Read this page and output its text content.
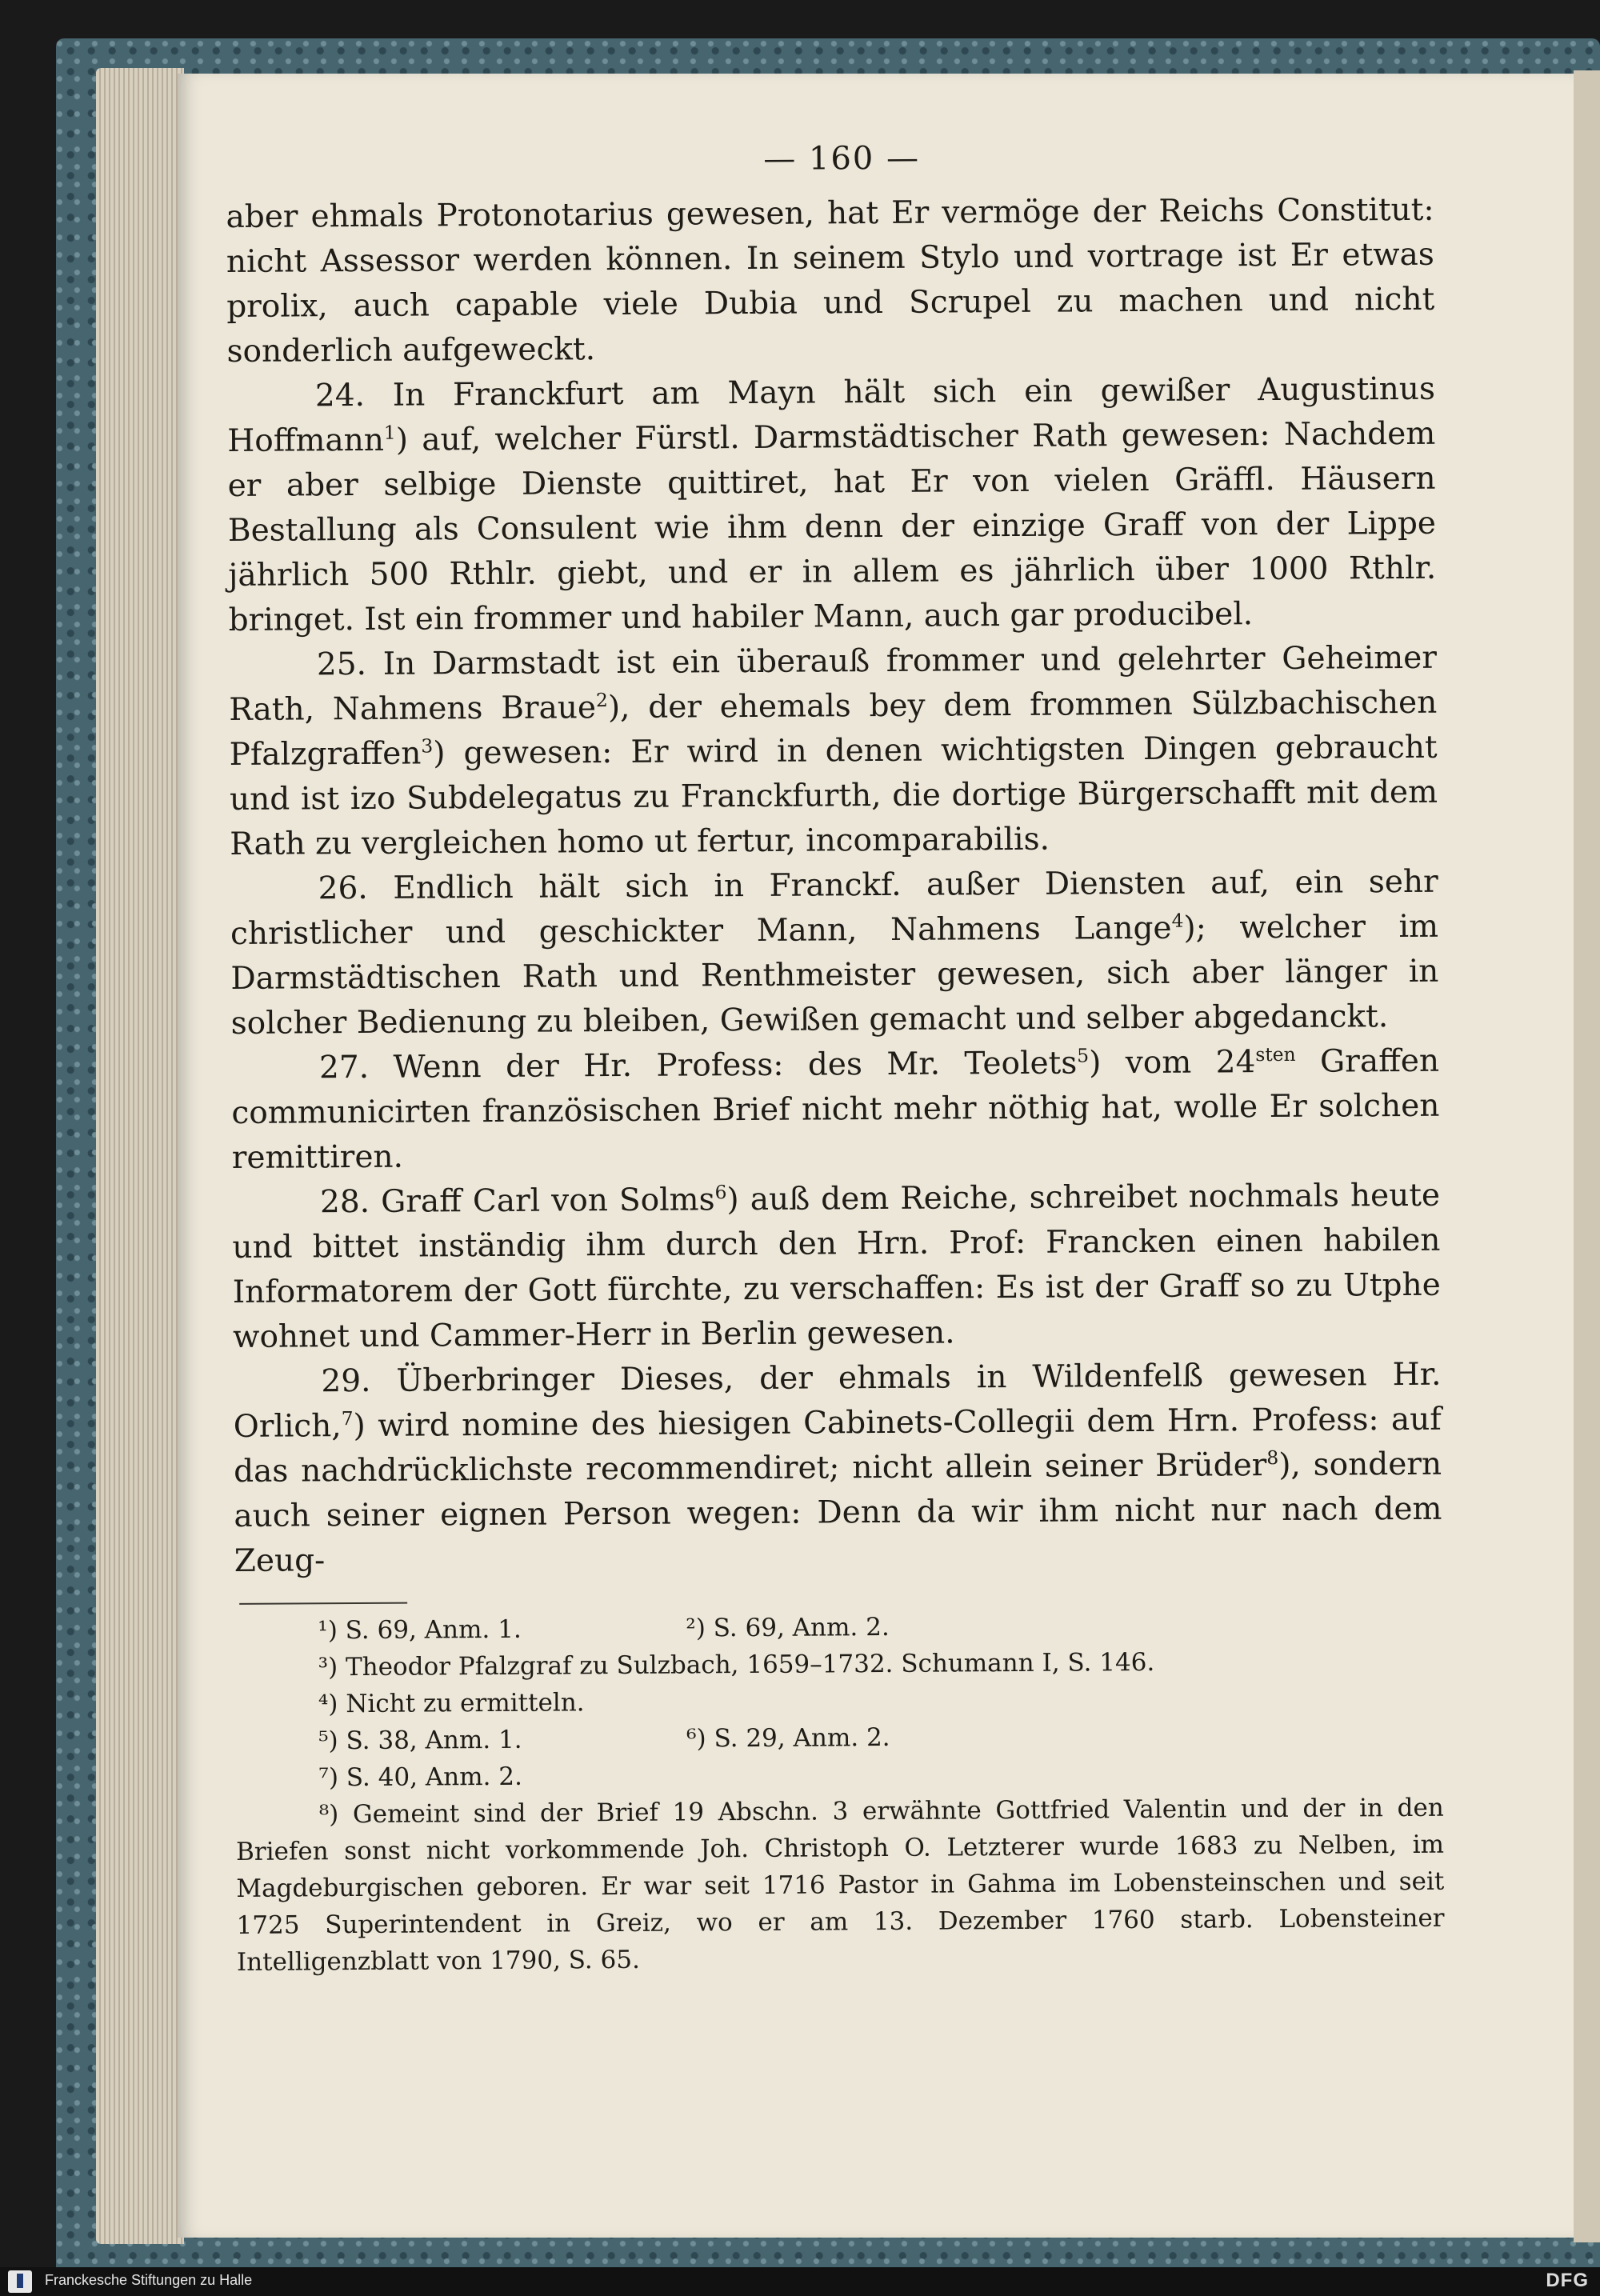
— 160 —

aber ehmals Protonotarius gewesen, hat Er vermöge der Reichs Constitut: nicht Assessor werden können. In seinem Stylo und vortrage ist Er etwas prolix, auch capable viele Dubia und Scrupel zu machen und nicht sonderlich aufgeweckt.

24. In Franckfurt am Mayn hält sich ein gewißer Augustinus Hoffmann$^1$) auf, welcher Fürstl. Darmstädtischer Rath gewesen: Nachdem er aber selbige Dienste quittiret, hat Er von vielen Gräffl. Häusern Bestallung als Consulent wie ihm denn der einzige Graff von der Lippe jährlich 500 Rthlr. giebt, und er in allem es jährlich über 1000 Rthlr. bringet. Ist ein frommer und habiler Mann, auch gar producibel.

25. In Darmstadt ist ein überauß frommer und gelehrter Geheimer Rath, Nahmens Braue$^2$), der ehemals bey dem frommen Sülzbachischen Pfalzgraffen$^3$) gewesen: Er wird in denen wichtigsten Dingen gebraucht und ist izo Subdelegatus zu Franckfurth, die dortige Bürgerschafft mit dem Rath zu vergleichen homo ut fertur, incomparabilis.

26. Endlich hält sich in Franckf. außer Diensten auf, ein sehr christlicher und geschickter Mann, Nahmens Lange$^4$); welcher im Darmstädtischen Rath und Renthmeister gewesen, sich aber länger in solcher Bedienung zu bleiben, Gewißen gemacht und selber abgedanckt.

27. Wenn der Hr. Profess: des Mr. Teolets$^5$) vom $24^{sten}$ Graffen communicirten französischen Brief nicht mehr nöthig hat, wolle Er solchen remittiren.

28. Graff Carl von Solms$^6$) auß dem Reiche, schreibet nochmals heute und bittet inständig ihm durch den Hrn. Prof: Francken einen habilen Informatorem der Gott fürchte, zu verschaffen: Es ist der Graff so zu Utphe wohnet und Cammer-Herr in Berlin gewesen.

29. Überbringer Dieses, der ehmals in Wildenfelß gewesen Hr. Orlich,$^7$) wird nomine des hiesigen Cabinets-Collegii dem Hrn. Profess: auf das nachdrücklichste recommendiret; nicht allein seiner Brüder$^8$), sondern auch seiner eignen Person wegen: Denn da wir ihm nicht nur nach dem Zeug-

¹) S. 69, Anm. 1.	²) S. 69, Anm. 2.
³) Theodor Pfalzgraf zu Sulzbach, 1659–1732. Schumann I, S. 146.
⁴) Nicht zu ermitteln.
⁵) S. 38, Anm. 1.	⁶) S. 29, Anm. 2.
⁷) S. 40, Anm. 2.

⁸) Gemeint sind der Brief 19 Abschn. 3 erwähnte Gottfried Valentin und der in den Briefen sonst nicht vorkommende Joh. Christoph O. Letzterer wurde 1683 zu Nelben, im Magdeburgischen geboren. Er war seit 1716 Pastor in Gahma im Lobensteinschen und seit 1725 Superintendent in Greiz, wo er am 13. Dezember 1760 starb. Lobensteiner Intelligenzblatt von 1790, S. 65.

Franckesche Stiftungen zu Halle	DFG
